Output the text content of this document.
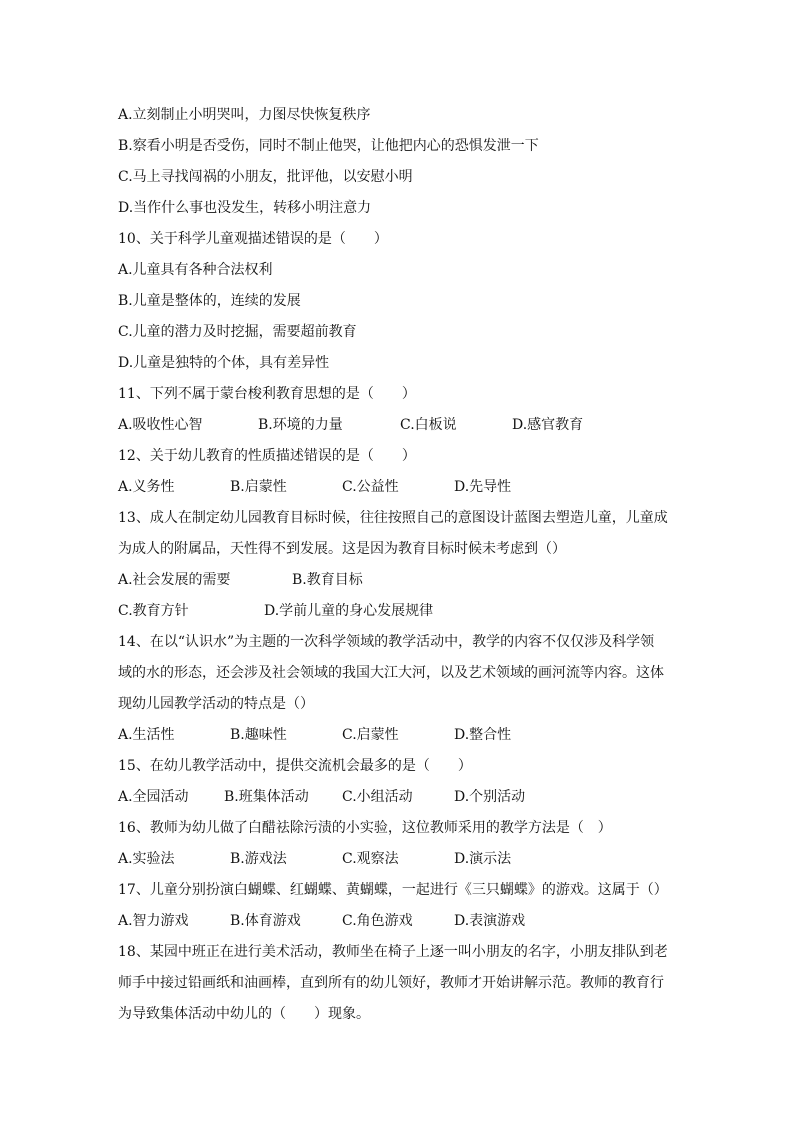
A.立刻制止小明哭叫，力图尽快恢复秩序
B.察看小明是否受伤，同时不制止他哭，让他把内心的恐惧发泄一下
C.马上寻找闯祸的小朋友，批评他，以安慰小明
D.当作什么事也没发生，转移小明注意力
10、关于科学儿童观描述错误的是（　　）
A.儿童具有各种合法权利
B.儿童是整体的，连续的发展
C.儿童的潜力及时挖掘，需要超前教育
D.儿童是独特的个体，具有差异性
11、下列不属于蒙台梭利教育思想的是（　　）
A.吸收性心智	B.环境的力量	C.白板说	D.感官教育
12、关于幼儿教育的性质描述错误的是（　　）
A.义务性	B.启蒙性	C.公益性	D.先导性
13、成人在制定幼儿园教育目标时候，往往按照自己的意图设计蓝图去塑造儿童，儿童成
为成人的附属品，天性得不到发展。这是因为教育目标时候未考虑到（）
A.社会发展的需要	B.教育目标
C.教育方针	D.学前儿童的身心发展规律
14、在以“认识水”为主题的一次科学领域的教学活动中，教学的内容不仅仅涉及科学领
域的水的形态，还会涉及社会领域的我国大江大河，以及艺术领域的画河流等内容。这体
现幼儿园教学活动的特点是（）
A.生活性	B.趣味性	C.启蒙性	D.整合性
15、在幼儿教学活动中，提供交流机会最多的是（　　）
A.全园活动	B.班集体活动	C.小组活动	D.个别活动
16、教师为幼儿做了白醋祛除污渍的小实验，这位教师采用的教学方法是（　）
A.实验法	B.游戏法	C.观察法	D.演示法
17、儿童分别扮演白蝴蝶、红蝴蝶、黄蝴蝶，一起进行《三只蝴蝶》的游戏。这属于（）
A.智力游戏	B.体育游戏	C.角色游戏	D.表演游戏
18、某园中班正在进行美术活动，教师坐在椅子上逐一叫小朋友的名字，小朋友排队到老
师手中接过铅画纸和油画棒，直到所有的幼儿领好，教师才开始讲解示范。教师的教育行
为导致集体活动中幼儿的（　　）现象。
